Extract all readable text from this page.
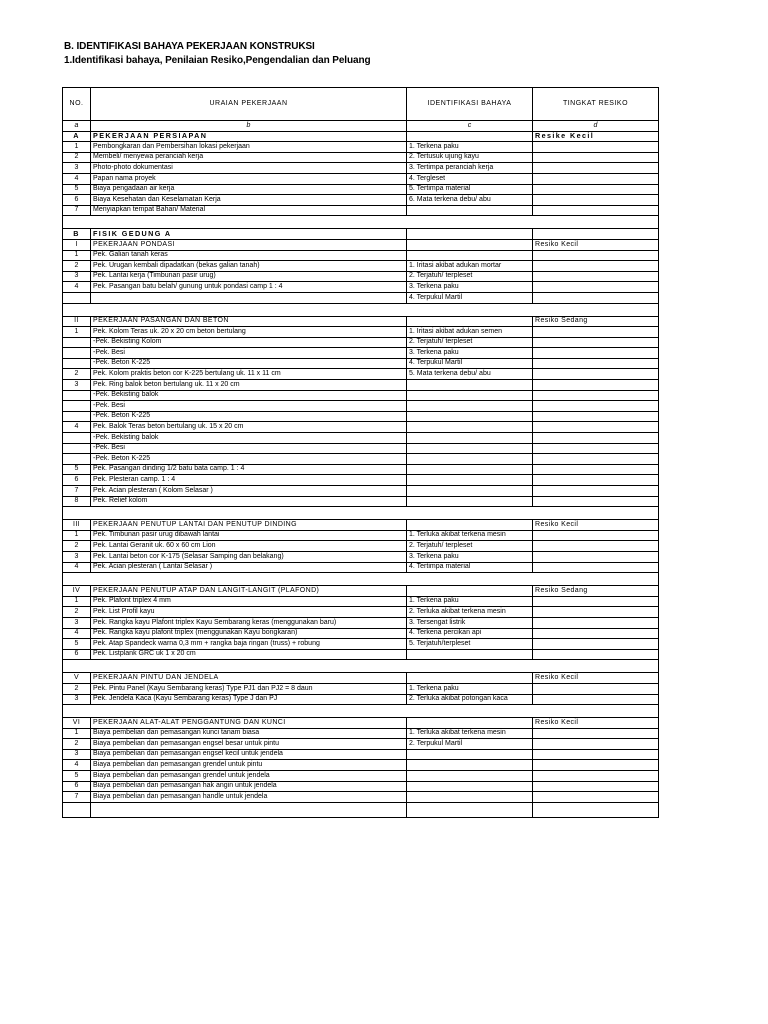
B. IDENTIFIKASI BAHAYA PEKERJAAN KONSTRUKSI
1.Identifikasi bahaya, Penilaian Resiko,Pengendalian dan Peluang
NO.	URAIAN PEKERJAAN	IDENTIFIKASI BAHAYA	TINGKAT RESIKO
a	b	c	d
A	PEKERJAAN PERSIAPAN		Resike Kecil
1	Pembongkaran dan Pembersihan lokasi pekerjaan	1. Terkena paku	
2	Membeli/ menyewa peranciah kerja	2. Tertusuk ujung kayu	
3	Photo-photo dokumentasi	3. Tertimpa peranciah kerja	
4	Papan nama proyek	4. Tergleset	
5	Biaya pengadaan air kerja	5. Tertimpa material	
6	Biaya Kesehatan dan Keselamatan Kerja	6. Mata terkena debu/ abu	
7	Menyiapkan tempat Bahan/ Material		

B	FISIK GEDUNG A		
I	PEKERJAAN PONDASI		Resiko Kecil
1	Pek. Galian tanah keras		
2	Pek. Urugan kembali dipadatkan (bekas galian tanah)	1. Iritasi akibat adukan mortar	
3	Pek. Lantai kerja (Timbunan pasir urug)	2. Terjatuh/ terpleset	
4	Pek. Pasangan batu belah/ gunung untuk pondasi camp 1 : 4	3. Terkena paku	
		4. Terpukul Martil	

II	PEKERJAAN PASANGAN DAN BETON		Resiko Sedang
1	Pek. Kolom Teras uk. 20 x 20 cm beton bertulang	1. Iritasi akibat adukan semen	
	-Pek. Bekisting Kolom	2. Terjatuh/ terpleset	
	-Pek. Besi	3. Terkena paku	
	-Pek. Beton K-225	4. Terpukul Martil	
2	Pek. Kolom praktis beton cor K-225 bertulang uk. 11 x 11 cm	5. Mata terkena debu/ abu	
3	Pek. Ring balok beton bertulang uk. 11 x 20 cm		
	-Pek. Bekisting balok		
	-Pek. Besi		
	-Pek. Beton K-225		
4	Pek. Balok Teras beton bertulang uk. 15 x 20 cm		
	-Pek. Bekisting balok		
	-Pek. Besi		
	-Pek. Beton K-225		
5	Pek. Pasangan dinding 1/2 batu bata camp. 1 : 4		
6	Pek. Plesteran camp. 1 : 4		
7	Pek. Acian plesteran ( Kolom Selasar )		
8	Pek. Relief kolom		

III	PEKERJAAN PENUTUP LANTAI DAN PENUTUP DINDING		Resiko Kecil
1	Pek. Timbunan pasir urug dibawah lantai	1. Terluka akibat terkena mesin	
2	Pek. Lantai Geranit uk. 60 x 60 cm Lion	2. Terjatuh/ terpleset	
3	Pek. Lantai beton cor K-175 (Selasar Samping dan belakang)	3. Terkena paku	
4	Pek. Acian plesteran ( Lantai Selasar )	4. Tertimpa material	

IV	PEKERJAAN PENUTUP ATAP DAN LANGIT-LANGIT (PLAFOND)		Resiko Sedang
1	Pek. Plafont triplex 4 mm	1. Terkena paku	
2	Pek. List Profil kayu	2. Terluka akibat terkena mesin	
3	Pek. Rangka kayu Plafont triplex Kayu Sembarang keras (menggunakan baru)	3. Tersengat listrik	
4	Pek. Rangka kayu plafont triplex (menggunakan Kayu bongkaran)	4. Terkena percikan api	
5	Pek. Atap Spandeck warna 0,3 mm + rangka baja ringan (truss) + robung	5. Terjatuh/terpleset	
6	Pek. Listplank GRC uk 1 x 20 cm		

V	PEKERJAAN PINTU DAN JENDELA		Resiko Kecil
2	Pek. Pintu Panel (Kayu Sembarang keras) Type PJ1 dan PJ2 = 8 daun	1. Terkena paku	
3	Pek. Jendela Kaca (Kayu Sembarang keras) Type J dan PJ	2. Terluka akibat potongan kaca	

VI	PEKERJAAN ALAT-ALAT PENGGANTUNG DAN KUNCI		Resiko Kecil
1	Biaya pembelian dan pemasangan kunci tanam biasa	1. Terluka akibat terkena mesin	
2	Biaya pembelian dan pemasangan engsel besar untuk pintu	2. Terpukul Martil	
3	Biaya pembelian dan pemasangan engsel kecil untuk jendela		
4	Biaya pembelian dan pemasangan grendel untuk pintu		
5	Biaya pembelian dan pemasangan grendel untuk jendela		
6	Biaya pembelian dan pemasangan hak angin untuk jendela		
7	Biaya pembelian dan pemasangan handle untuk jendela		
